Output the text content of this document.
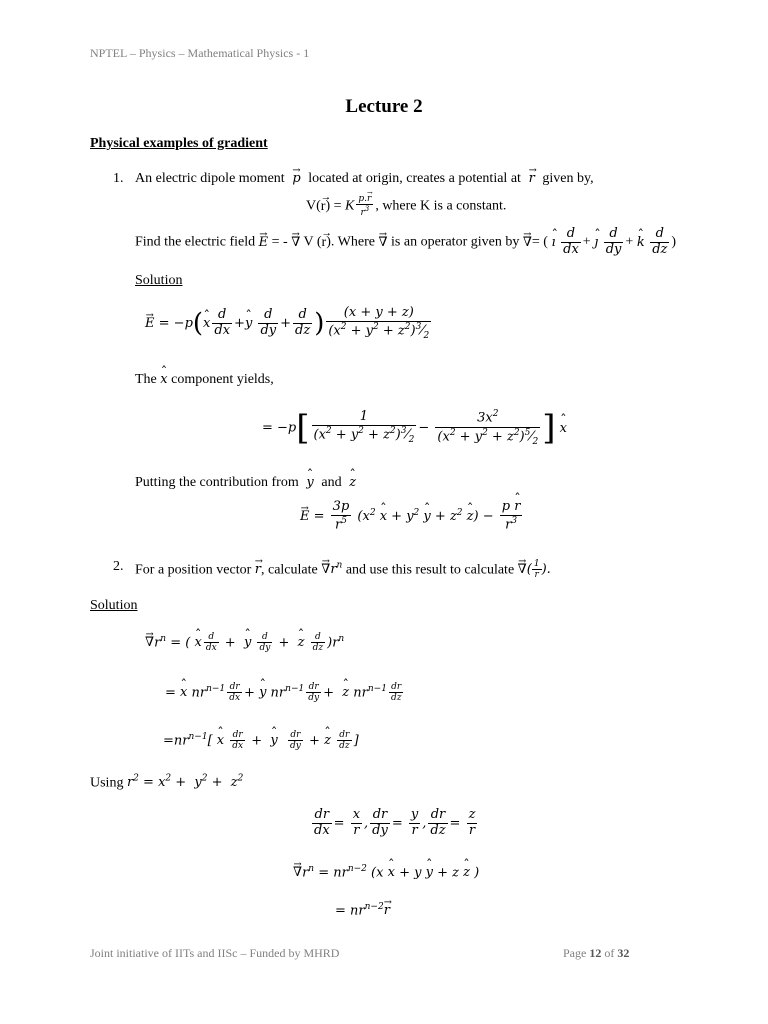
NPTEL – Physics – Mathematical Physics - 1
Lecture 2
Physical examples of gradient
1. An electric dipole moment → p located at origin, creates a potential at → r given by,
V(→ r) = K $\frac{p.\to r}{r^3}$ , where K is a constant.
Find the electric field → E = - → ∇ V (→ r). Where → ∇ is an operator given by → ∇= ( ˆ ı $\frac{d}{dx}$ + ˆ ȷ $\frac{d}{dy}$ + ˆ k $\frac{d}{dz}$ )
Solution
→ E = −p(ˆ x $\frac{d}{dx}$ +ˆ y $\frac{d}{dy} + \frac{d}{dz}$ ) $\frac{(x + y + z)}{(x^2 + y^2 + z^2)^3⁄_2}$
The ˆ x component yields,
= $-p[ \frac{1}{(x^2 + y^2 + z^2)^3⁄_2} - \frac{3x^2}{(x^2 + y^2 + z^2)^5⁄_2}$ ] ˆ x
Putting the contribution from ˆ y and ˆ z
→ $E = \frac{3p}{r^5} (x^2$ ˆ $x + y^2$ ˆ $y + z^2$ ˆ $z) - \frac{\text{p ˆ r}}{r^3}$
2. For a position vector → r, calculate → $\nabla r^n$ and use this result to calculate → ∇( $\frac{1}{r}$ ).
Solution
→ $\nabla r^n$ = ( ˆ x $\frac{d}{dx}$ +  ˆ y $\frac{d}{dy}$ +  ˆ z $\frac{d}{dz} )r^n$
= ˆ x $nr^{n-1} \frac{dr}{dx}$ + ˆ y $nr^{n-1} \frac{dr}{dy}$ +  ˆ z $nr^{n-1} \frac{dr}{dz}$
$=nr^{n-1}$[ ˆ x $\frac{dr}{dx}$ +  ˆ y $\frac{dr}{dy}$ + ˆ z $\frac{dr}{dz}$ ]
Using $r^2 = x^2 + y^2 + z^2$
$\frac{dr}{dx} = \frac{x}{r}$ , $\frac{dr}{dy} = \frac{y}{r}$ , $\frac{dr}{dz} = \frac{z}{r}$
→ $\nabla r^n = nr^{n-2}$ (x ˆ x + y ˆ y + z ˆ z )
= $nr^{n-2}\to r$
Joint initiative of IITs and IISc – Funded by MHRD	Page 12 of 32
